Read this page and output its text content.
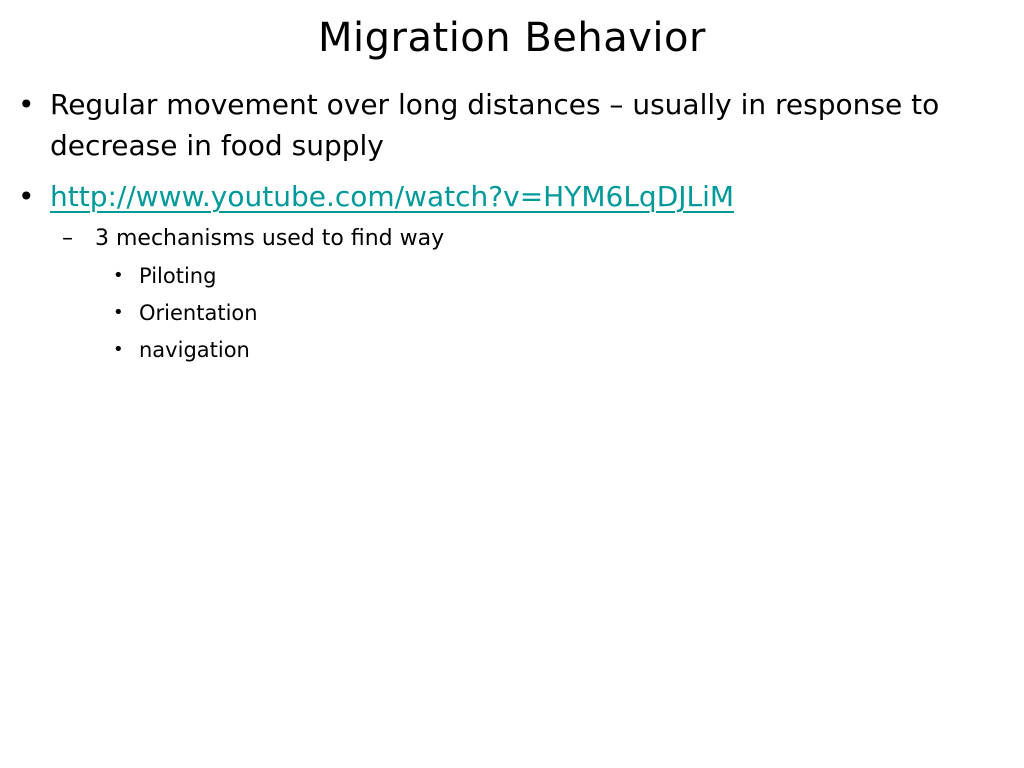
Migration Behavior
• Regular movement over long distances – usually in response to decrease in food supply
• http://www.youtube.com/watch?v=HYM6LqDJLiM
– 3 mechanisms used to find way
• Piloting
• Orientation
• navigation
